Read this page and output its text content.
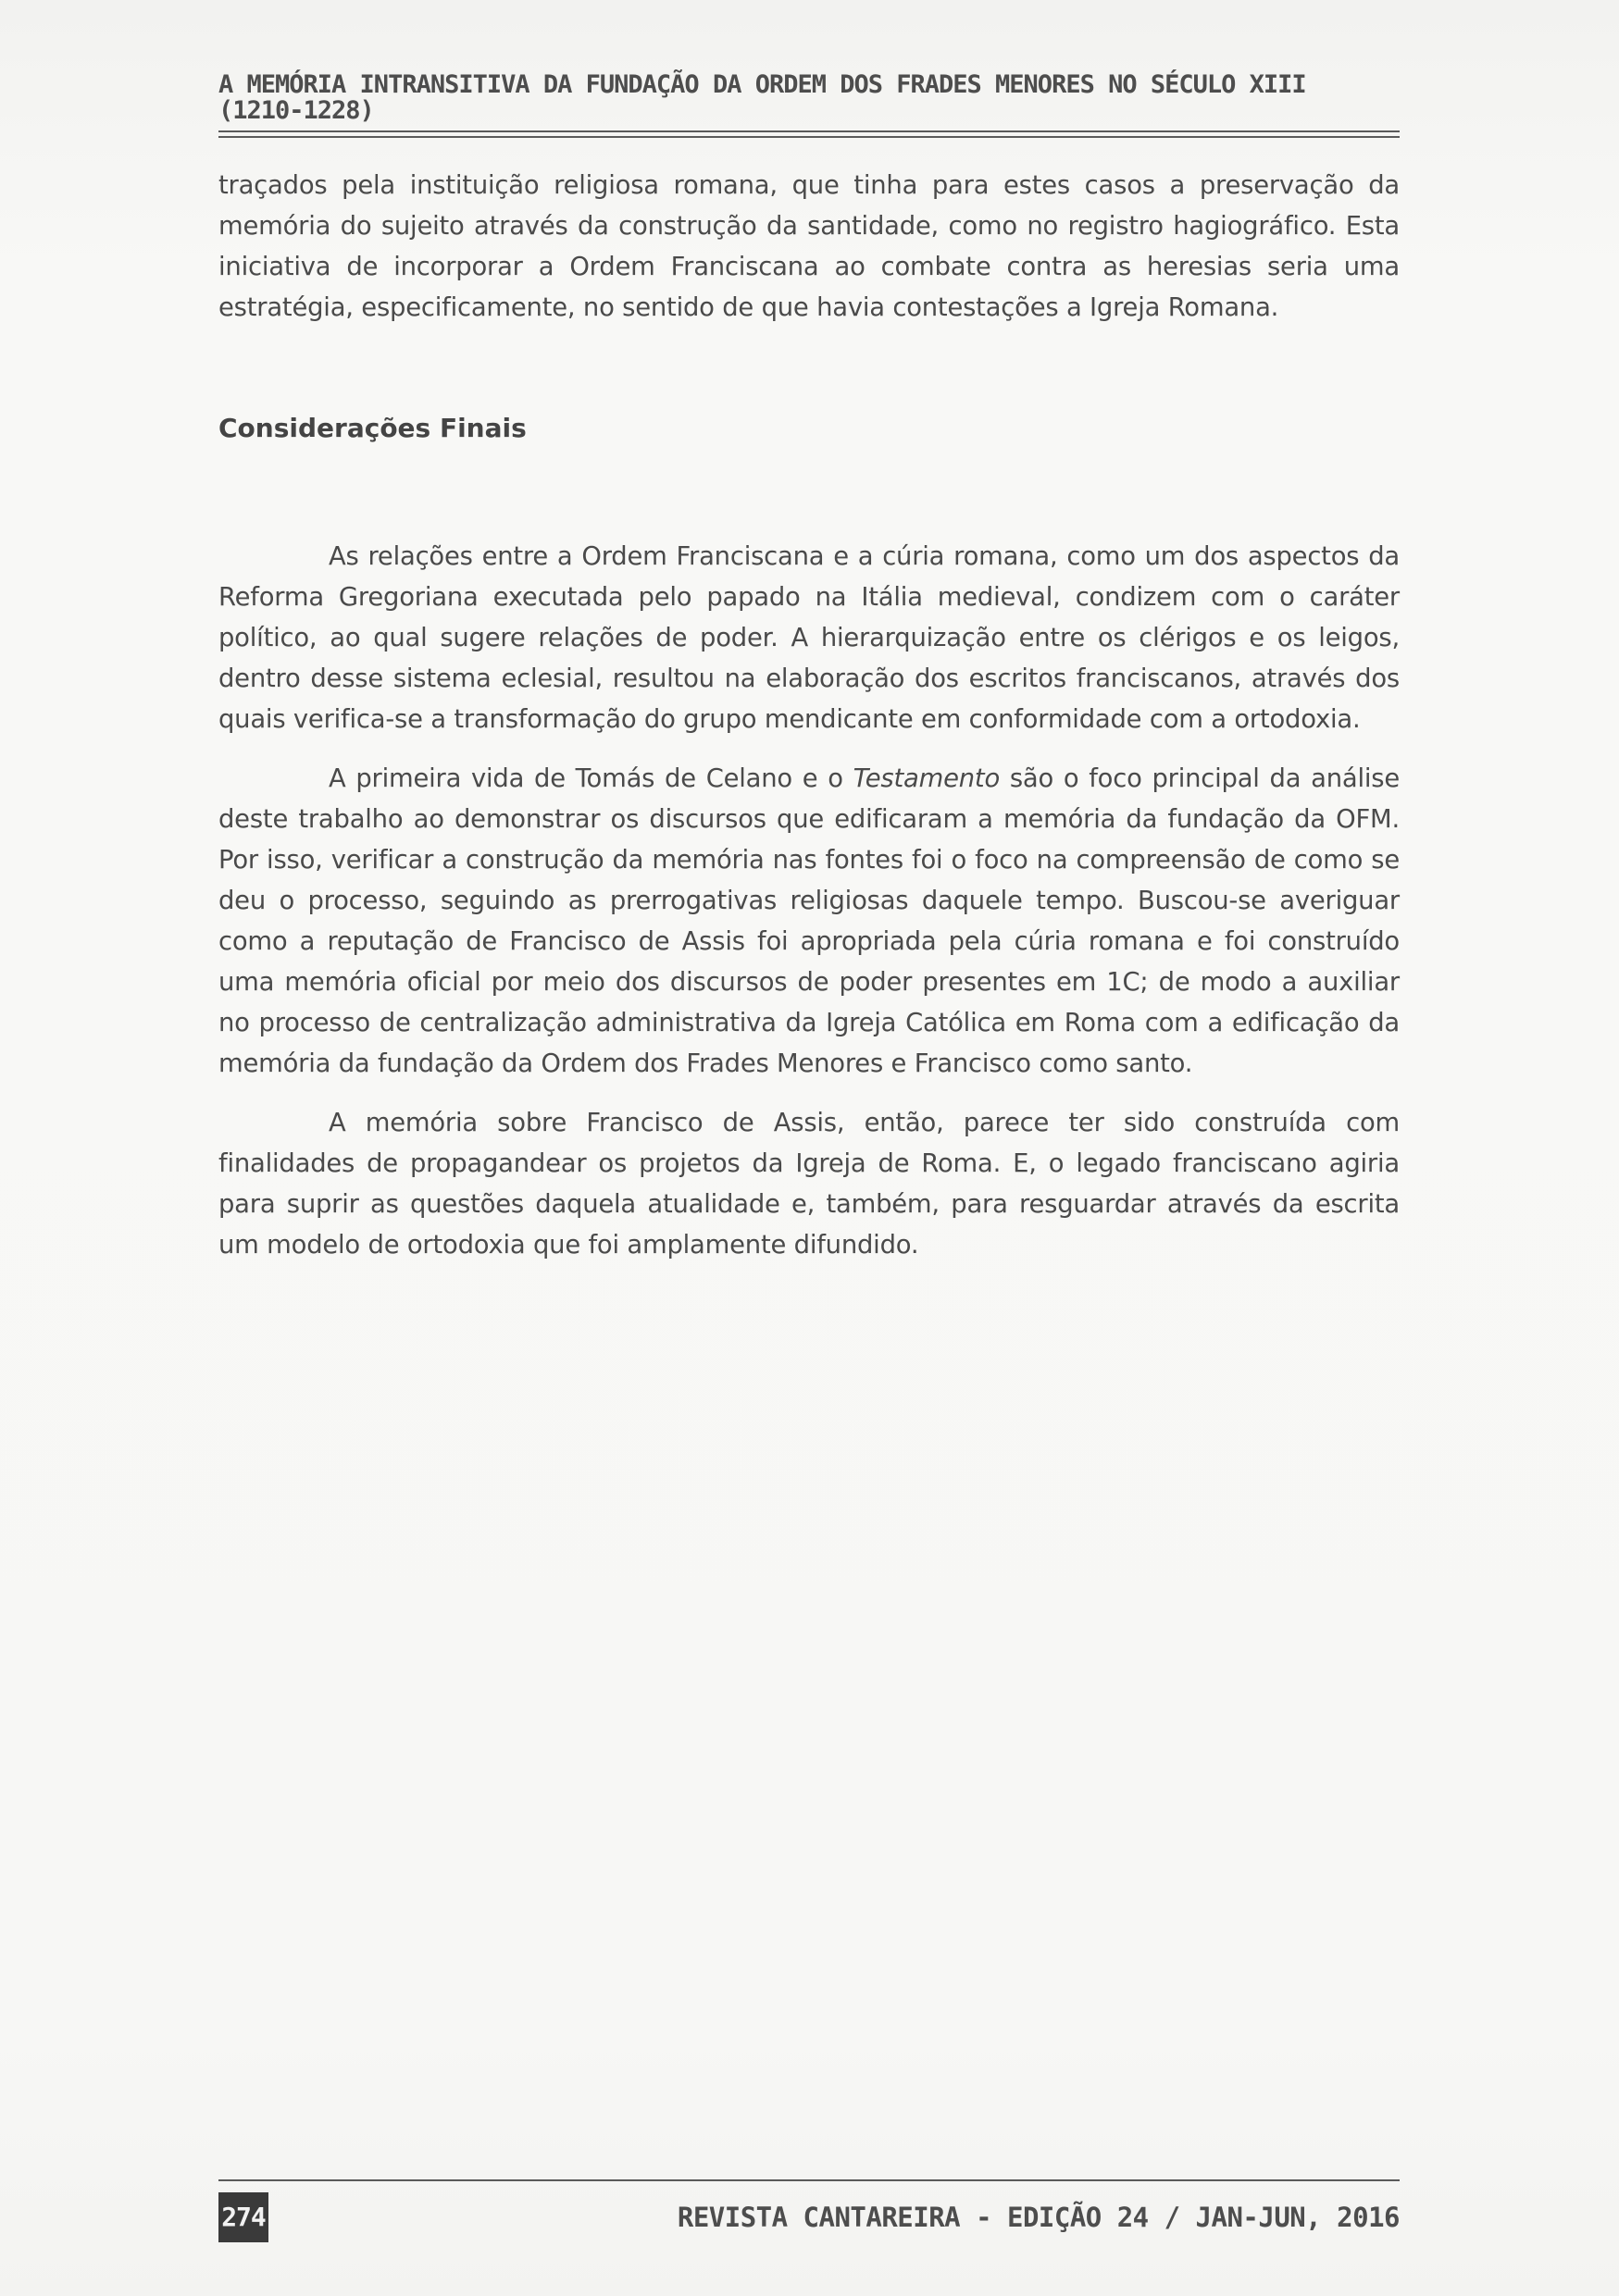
A MEMÓRIA INTRANSITIVA DA FUNDAÇÃO DA ORDEM DOS FRADES MENORES NO SÉCULO XIII
(1210-1228)

traçados pela instituição religiosa romana, que tinha para estes casos a preservação da memória do sujeito através da construção da santidade, como no registro hagiográfico. Esta iniciativa de incorporar a Ordem Franciscana ao combate contra as heresias seria uma estratégia, especificamente, no sentido de que havia contestações a Igreja Romana.

Considerações Finais

As relações entre a Ordem Franciscana e a cúria romana, como um dos aspectos da Reforma Gregoriana executada pelo papado na Itália medieval, condizem com o caráter político, ao qual sugere relações de poder. A hierarquização entre os clérigos e os leigos, dentro desse sistema eclesial, resultou na elaboração dos escritos franciscanos, através dos quais verifica-se a transformação do grupo mendicante em conformidade com a ortodoxia.

A primeira vida de Tomás de Celano e o Testamento são o foco principal da análise deste trabalho ao demonstrar os discursos que edificaram a memória da fundação da OFM. Por isso, verificar a construção da memória nas fontes foi o foco na compreensão de como se deu o processo, seguindo as prerrogativas religiosas daquele tempo. Buscou-se averiguar como a reputação de Francisco de Assis foi apropriada pela cúria romana e foi construído uma memória oficial por meio dos discursos de poder presentes em 1C; de modo a auxiliar no processo de centralização administrativa da Igreja Católica em Roma com a edificação da memória da fundação da Ordem dos Frades Menores e Francisco como santo.

A memória sobre Francisco de Assis, então, parece ter sido construída com finalidades de propagandear os projetos da Igreja de Roma. E, o legado franciscano agiria para suprir as questões daquela atualidade e, também, para resguardar através da escrita um modelo de ortodoxia que foi amplamente difundido.

274	REVISTA CANTAREIRA - EDIÇÃO 24 / JAN-JUN, 2016
